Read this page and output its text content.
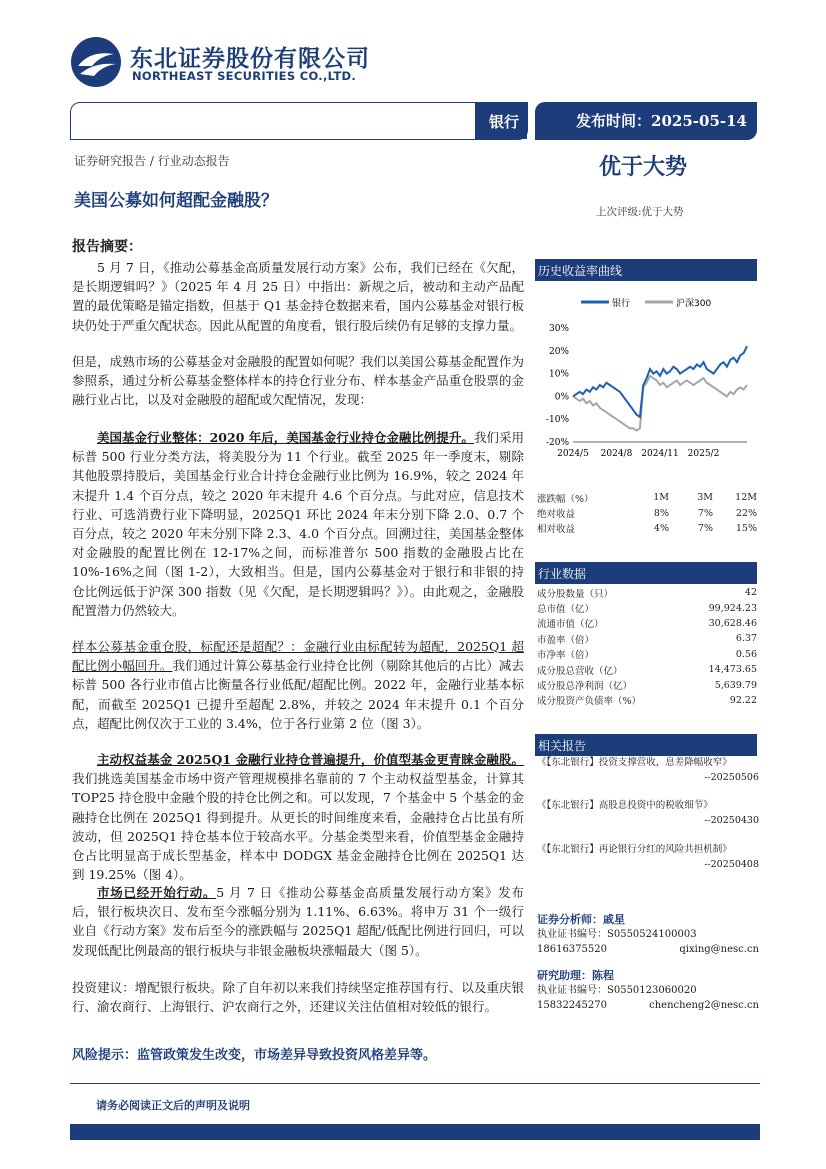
东北证券股份有限公司
NORTHEAST SECURITIES CO.,LTD.
银行	发布时间：2025-05-14
证券研究报告 / 行业动态报告
美国公募如何超配金融股？
优于大势
上次评级:优于大势
报告摘要：
5 月 7 日，《推动公募基金高质量发展行动方案》公布，我们已经在《欠配，是长期逻辑吗？》（2025 年 4 月 25 日）中指出：新规之后，被动和主动产品配置的最优策略是锚定指数，但基于 Q1 基金持仓数据来看，国内公募基金对银行板块仍处于严重欠配状态。因此从配置的角度看，银行股后续仍有足够的支撑力量。
但是，成熟市场的公募基金对金融股的配置如何呢？我们以美国公募基金配置作为参照系，通过分析公募基金整体样本的持仓行业分布、样本基金产品重仓股票的金融行业占比，以及对金融股的超配或欠配情况，发现：
美国基金行业整体：2020 年后，美国基金行业持仓金融比例提升。我们采用标普 500 行业分类方法，将美股分为 11 个行业。截至 2025 年一季度末，剔除其他股票持股后，美国基金行业合计持仓金融行业比例为 16.9%，较之 2024 年末提升 1.4 个百分点，较之 2020 年末提升 4.6 个百分点。与此对应，信息技术行业、可选消费行业下降明显，2025Q1 环比 2024 年末分别下降 2.0、0.7 个百分点，较之 2020 年末分别下降 2.3、4.0 个百分点。回溯过往，美国基金整体对金融股的配置比例在 12-17%之间，而标准普尔 500 指数的金融股占比在 10%-16%之间（图 1-2），大致相当。但是，国内公募基金对于银行和非银的持仓比例远低于沪深 300 指数（见《欠配，是长期逻辑吗？》）。由此观之，金融股配置潜力仍然较大。
样本公募基金重仓股，标配还是超配？：金融行业由标配转为超配，2025Q1 超配比例小幅回升。我们通过计算公募基金行业持仓比例（剔除其他后的占比）减去标普 500 各行业市值占比衡量各行业低配/超配比例。2022 年，金融行业基本标配，而截至 2025Q1 已提升至超配 2.8%，并较之 2024 年末提升 0.1 个百分点，超配比例仅次于工业的 3.4%，位于各行业第 2 位（图 3）。
主动权益基金 2025Q1 金融行业持仓普遍提升，价值型基金更青睐金融股。我们挑选美国基金市场中资产管理规模排名靠前的 7 个主动权益型基金，计算其 TOP25 持仓股中金融个股的持仓比例之和。可以发现，7 个基金中 5 个基金的金融持仓比例在 2025Q1 得到提升。从更长的时间维度来看，金融持仓占比虽有所波动，但 2025Q1 持仓基本位于较高水平。分基金类型来看，价值型基金金融持仓占比明显高于成长型基金，样本中 DODGX 基金金融持仓比例在 2025Q1 达到 19.25%（图 4）。
市场已经开始行动。5 月 7 日《推动公募基金高质量发展行动方案》发布后，银行板块次日、发布至今涨幅分别为 1.11%、6.63%。将申万 31 个一级行业自《行动方案》发布后至今的涨跌幅与 2025Q1 超配/低配比例进行回归，可以发现低配比例最高的银行板块与非银金融板块涨幅最大（图 5）。
投资建议：增配银行板块。除了自年初以来我们持续坚定推荐国有行、以及重庆银行、渝农商行、上海银行、沪农商行之外，还建议关注估值相对较低的银行。
风险提示：监管政策发生改变，市场差异导致投资风格差异等。
历史收益率曲线
银行	沪深300
30%
20%
10%
0%
-10%
-20%
2024/5 2024/8 2024/11 2025/2
涨跌幅（%）	1M	3M	12M
绝对收益	8%	7%	22%
相对收益	4%	7%	15%
行业数据
成分股数量（只）	42
总市值（亿）	99,924.23
流通市值（亿）	30,628.46
市盈率（倍）	6.37
市净率（倍）	0.56
成分股总营收（亿）	14,473.65
成分股总净利润（亿）	5,639.79
成分股资产负债率（%）	92.22
相关报告
《【东北银行】投资支撑营收，息差降幅收窄》
--20250506
《【东北银行】高股息投资中的税收细节》
--20250430
《【东北银行】再论银行分红的风险共担机制》
--20250408
证券分析师：戚星
执业证书编号：S0550524100003
18616375520	qixing@nesc.cn
研究助理：陈程
执业证书编号：S0550123060020
15832245270	chencheng2@nesc.cn
请务必阅读正文后的声明及说明
